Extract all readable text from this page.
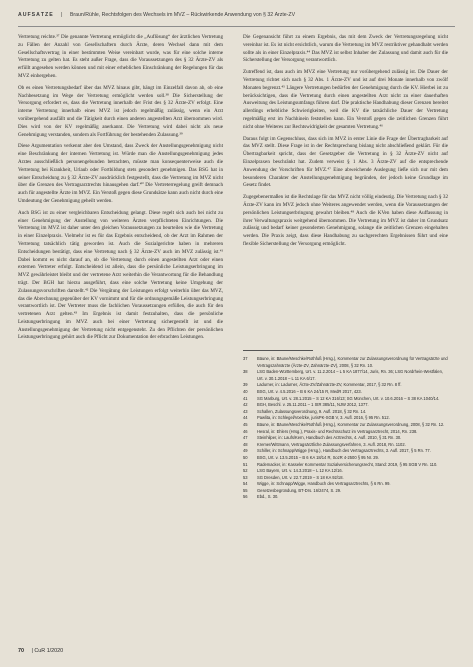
AUFSÄTZE | Braun/Rühle, Rechtsfolgen des Wechsels im MVZ – Rückwirkende Anwendung von § 32 Ärzte-ZV

Vertretung reichte.³⁷ Die genannte Vertretung ermöglicht die „Auflösung“ der ärztlichen Vertretung zu Fällen der Anzahl von Gesellschaftern durch Ärzte, deren Wechsel dann mit dem Gesellschaftsvertrag in einer bestimmten Weise vereinbart wurde, was für eine solche interne Vertretung zu gelten hat. Es steht außer Frage, dass die Voraussetzungen des § 32 Ärzte-ZV als erfüllt angesehen werden können und mit einer erheblichen Einschränkung der Regelungen für das MVZ einhergehen.

Ob es einen Vertretungsbedarf über das MVZ hinaus gibt, hängt im Einzelfall davon ab, ob eine Nachbesetzung im Wege der Vertretung ermöglicht werden soll.³⁸ Die Sicherstellung der Versorgung erfordert es, dass die Vertretung innerhalb der Frist des § 32 Ärzte-ZV erfolgt. Eine interne Vertretung innerhalb eines MVZ ist jedoch regelmäßig zulässig, wenn ein Arzt vorübergehend ausfällt und die Tätigkeit durch einen anderen angestellten Arzt übernommen wird. Dies wird von der KV regelmäßig anerkannt. Die Vertretung wird dabei nicht als neue Genehmigung verstanden, sondern als Fortführung der bestehenden Zulassung.³⁹

Diese Argumentation verkennt aber den Umstand, dass Zweck der Anstellungsgenehmigung nicht eine Beschränkung der internen Vertretung ist. Würde man die Anstellungsgenehmigung jedes Arztes ausschließlich personengebunden betrachten, müsste man konsequenterweise auch die Vertretung bei Krankheit, Urlaub oder Fortbildung stets gesondert genehmigen. Das BSG hat in seiner Entscheidung zu § 32 Ärzte-ZV ausdrücklich festgestellt, dass die Vertretung im MVZ nicht über die Grenzen des Vertragsarztrechts hinausgehen darf.⁴⁰ Die Vertreterregelung greift demnach auch für angestellte Ärzte im MVZ. Ein Verstoß gegen diese Grundsätze kann auch nicht durch eine Umdeutung der Genehmigung geheilt werden.

Auch BSG ist zu einer vergleichbaren Entscheidung gelangt. Diese regelt sich auch bei nicht zu einer Genehmigung der Anstellung von weiteren Ärzten verpflichteten Einrichtungen. Die Vertretung im MVZ ist daher unter den gleichen Voraussetzungen zu beurteilen wie die Vertretung in einer Einzelpraxis. Vielmehr ist es für das Ergebnis entscheidend, ob der Arzt im Rahmen der Vertretung tatsächlich tätig geworden ist. Auch die Sozialgerichte haben in mehreren Entscheidungen bestätigt, dass eine Vertretung nach § 32 Ärzte-ZV auch im MVZ zulässig ist.⁴¹ Dabei kommt es nicht darauf an, ob die Vertretung durch einen angestellten Arzt oder einen externen Vertreter erfolgt. Entscheidend ist allein, dass die persönliche Leistungserbringung im MVZ gewährleistet bleibt und der vertretene Arzt weiterhin die Verantwortung für die Behandlung trägt. Der BGH hat hierzu ausgeführt, dass eine solche Vertretung keine Umgehung der Zulassungsvorschriften darstellt.⁴² Die Vergütung der Leistungen erfolgt weiterhin über das MVZ, das die Abrechnung gegenüber der KV vornimmt und für die ordnungsgemäße Leistungserbringung verantwortlich ist. Der Vertreter muss die fachlichen Voraussetzungen erfüllen, die auch für den vertretenen Arzt gelten.⁴³ Im Ergebnis ist damit festzuhalten, dass die persönliche Leistungserbringung im MVZ auch bei einer Vertretung sichergestellt ist und die Anstellungsgenehmigung der Vertretung nicht entgegensteht. Zu den Pflichten der persönlichen Leistungserbringung gehört auch die Pflicht zur Dokumentation der erbrachten Leistungen.

Die Gegenansicht führt zu einem Ergebnis, das mit dem Zweck der Vertretungsregelung nicht vereinbar ist. Es ist nicht ersichtlich, warum die Vertretung im MVZ restriktiver gehandhabt werden sollte als in einer Einzelpraxis.⁴⁴ Das MVZ ist selbst Inhaber der Zulassung und damit auch für die Sicherstellung der Versorgung verantwortlich.

Zutreffend ist, dass auch im MVZ eine Vertretung nur vorübergehend zulässig ist. Die Dauer der Vertretung richtet sich nach § 32 Abs. 1 Ärzte-ZV und ist auf drei Monate innerhalb von zwölf Monaten begrenzt.⁴⁵ Längere Vertretungen bedürfen der Genehmigung durch die KV. Hierbei ist zu berücksichtigen, dass die Vertretung durch einen angestellten Arzt nicht zu einer dauerhaften Ausweitung des Leistungsumfangs führen darf. Die praktische Handhabung dieser Grenzen bereitet allerdings erhebliche Schwierigkeiten, weil die KV die tatsächliche Dauer der Vertretung regelmäßig erst im Nachhinein feststellen kann. Ein Verstoß gegen die zeitlichen Grenzen führt nicht ohne Weiteres zur Rechtswidrigkeit der gesamten Vertretung.⁴⁶

Daraus folgt im Gegenschluss, dass sich im MVZ in erster Linie die Frage der Übertragbarkeit auf das MVZ stellt. Diese Frage ist in der Rechtsprechung bislang nicht abschließend geklärt. Für die Übertragbarkeit spricht, dass der Gesetzgeber die Vertretung in § 32 Ärzte-ZV nicht auf Einzelpraxen beschränkt hat. Zudem verweist § 1 Abs. 3 Ärzte-ZV auf die entsprechende Anwendung der Vorschriften für MVZ.⁴⁷ Eine abweichende Auslegung ließe sich nur mit dem besonderen Charakter der Anstellungsgenehmigung begründen, der jedoch keine Grundlage im Gesetz findet.

Zugegebenermaßen ist die Rechtslage für das MVZ nicht völlig eindeutig. Die Vertretung nach § 32 Ärzte-ZV kann im MVZ jedoch ohne Weiteres angewendet werden, wenn die Voraussetzungen der persönlichen Leistungserbringung gewahrt bleiben.⁴⁸ Auch die KVen haben diese Auffassung in ihrer Verwaltungspraxis weitgehend übernommen. Die Vertretung im MVZ ist daher im Grundsatz zulässig und bedarf keiner gesonderten Genehmigung, solange die zeitlichen Grenzen eingehalten werden. Die Praxis zeigt, dass diese Handhabung zu sachgerechten Ergebnissen führt und eine flexible Sicherstellung der Versorgung ermöglicht.

37	Bäune, in: Bäune/Meschke/Rothfuß (Hrsg.), Kommentar zur Zulassungsverordnung für Vertragsärzte und Vertragszahnärzte (Ärzte-ZV, Zahnärzte-ZV), 2008, § 32 Rn. 10.
38	LSG Baden-Württemberg, Urt. v. 11.2.2014 – L 5 KA 1877/14, Juris, Rn. 36; LSG Nordrhein-Westfalen, Urt. v. 30.1.2018 – L 11 KA 6/17.
39	Ladurner, in: Ladurner, Ärzte-ZV/Zahnärzte-ZV, Kommentar, 2017, § 32 Rn. 8 ff.
40	BSG, Urt. v. 4.5.2016 – B 6 KA 24/15 R, MedR 2017, 423.
41	SG Marburg, Urt. v. 28.1.2015 – S 12 KA 316/13; SG München, Urt. v. 10.6.2016 – S 38 KA 1040/14.
42	BGH, Beschl. v. 25.11.2011 – 1 StR 385/11, NJW 2012, 1377.
43	Schallen, Zulassungsverordnung, 9. Aufl. 2018, § 32 Rn. 14.
44	Pawlita, in: Schlegel/Voelzke, jurisPK-SGB V, 3. Aufl. 2016, § 95 Rn. 512.
45	Bäune, in: Bäune/Meschke/Rothfuß (Hrsg.), Kommentar zur Zulassungsverordnung, 2008, § 32 Rn. 12.
46	Hesral, in: Ehlers (Hrsg.), Praxis- und Rechtsschutz im Vertragsarztrecht, 2014, Rn. 238.
47	Steinhilper, in: Laufs/Kern, Handbuch des Arztrechts, 4. Aufl. 2010, § 31 Rn. 30.
48	Kremer/Wittmann, Vertragsärztliche Zulassungsverfahren, 3. Aufl. 2018, Rn. 1102.
49	Schiller, in: Schnapp/Wigge (Hrsg.), Handbuch des Vertragsarztrechts, 3. Aufl. 2017, § 5 Rn. 77.
50	BSG, Urt. v. 13.5.2015 – B 6 KA 18/14 R, SozR 4-2500 § 95 Nr. 29.
51	Rademacker, in: Kasseler Kommentar Sozialversicherungsrecht, Stand: 2019, § 95 SGB V Rn. 110.
52	LSG Bayern, Urt. v. 14.3.2018 – L 12 KA 12/16.
53	SG Dresden, Urt. v. 22.7.2019 – S 18 KA 92/18.
54	Wigge, in: Schnapp/Wigge, Handbuch des Vertragsarztrechts, § 6 Rn. 99.
55	Gesetzesbegründung, BT-Drs. 16/2474, S. 29.
56	Ebd., S. 30.
70 | CuR 1/2020
